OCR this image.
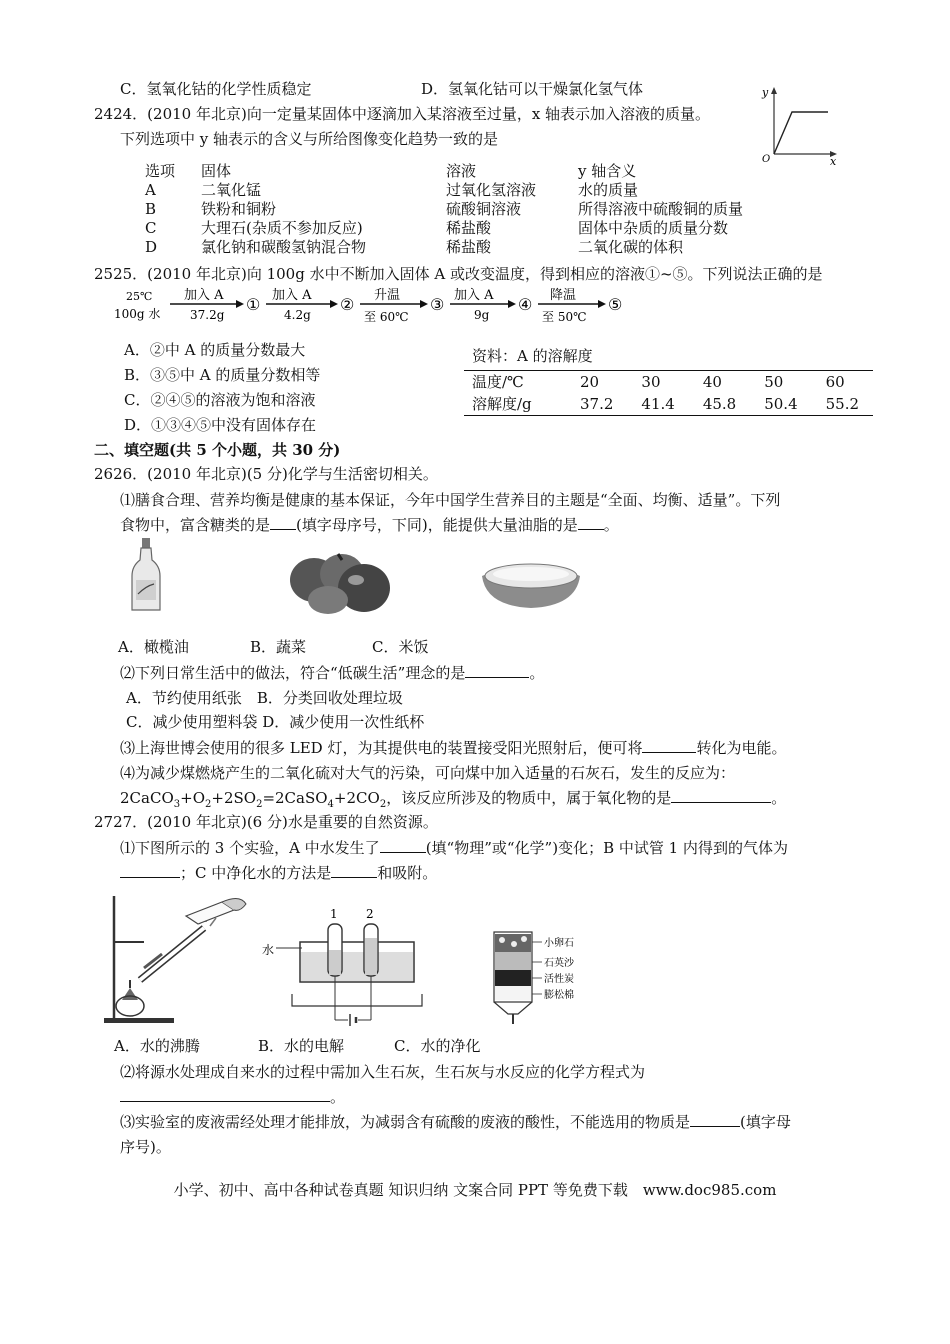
C．氢氧化钴的化学性质稳定	D．氢氧化钴可以干燥氯化氢气体
2424．(2010 年北京)向一定量某固体中逐滴加入某溶液至过量，x 轴表示加入溶液的质量。
下列选项中 y 轴表示的含义与所给图像变化趋势一致的是
y
O	x
选项	固体	溶液	y 轴含义
A	二氧化锰	过氧化氢溶液	水的质量
B	铁粉和铜粉	硫酸铜溶液	所得溶液中硫酸铜的质量
C	大理石(杂质不参加反应)	稀盐酸	固体中杂质的质量分数
D	氯化钠和碳酸氢钠混合物	稀盐酸	二氧化碳的体积
2525．(2010 年北京)向 100g 水中不断加入固体 A 或改变温度，得到相应的溶液①~⑤。下列说法正确的是
25℃
100g 水
加入 A
37.2g
① 加入 A
4.2g
② 升温
至 60℃
③ 加入 A
9g
④ 降温
至 50℃
⑤
A．②中 A 的质量分数最大
B．③⑤中 A 的质量分数相等
C．②④⑤的溶液为饱和溶液
D．①③④⑤中没有固体存在
资料：A 的溶解度
温度/℃	20	30	40	50	60
溶解度/g	37.2	41.4	45.8	50.4	55.2
二、填空题(共 5 个小题，共 30 分)
2626．(2010 年北京)(5 分)化学与生活密切相关。
⑴膳食合理、营养均衡是健康的基本保证，今年中国学生营养目的主题是“全面、均衡、适量”。下列
食物中，富含糖类的是 (填字母序号，下同)，能提供大量油脂的是 。
A．橄榄油	B．蔬菜	C．米饭
⑵下列日常生活中的做法，符合“低碳生活”理念的是	。
A．节约使用纸张　B．分类回收处理垃圾
C．减少使用塑料袋 D．减少使用一次性纸杯
⑶上海世博会使用的很多 LED 灯，为其提供电的装置接受阳光照射后，便可将	转化为电能。
⑷为减少煤燃烧产生的二氧化硫对大气的污染，可向煤中加入适量的石灰石，发生的反应为：
$2CaCO_3+O_2+2SO_2=2CaSO_4+2CO_2$，该反应所涉及的物质中，属于氧化物的是	。
2727．(2010 年北京)(6 分)水是重要的自然资源。
⑴下图所示的 3 个实验，A 中水发生了	(填“物理”或“化学”)变化；B 中试管 1 内得到的气体为
；C 中净化水的方法是	和吸附。
1 2
水	小卵石
石英沙
活性炭
膨松棉
A．水的沸腾	B．水的电解	C．水的净化
⑵将源水处理成自来水的过程中需加入生石灰，生石灰与水反应的化学方程式为
。
⑶实验室的废液需经处理才能排放，为减弱含有硫酸的废液的酸性，不能选用的物质是	(填字母
序号)。
小学、初中、高中各种试卷真题 知识归纳 文案合同 PPT 等免费下载　www.doc985.com
